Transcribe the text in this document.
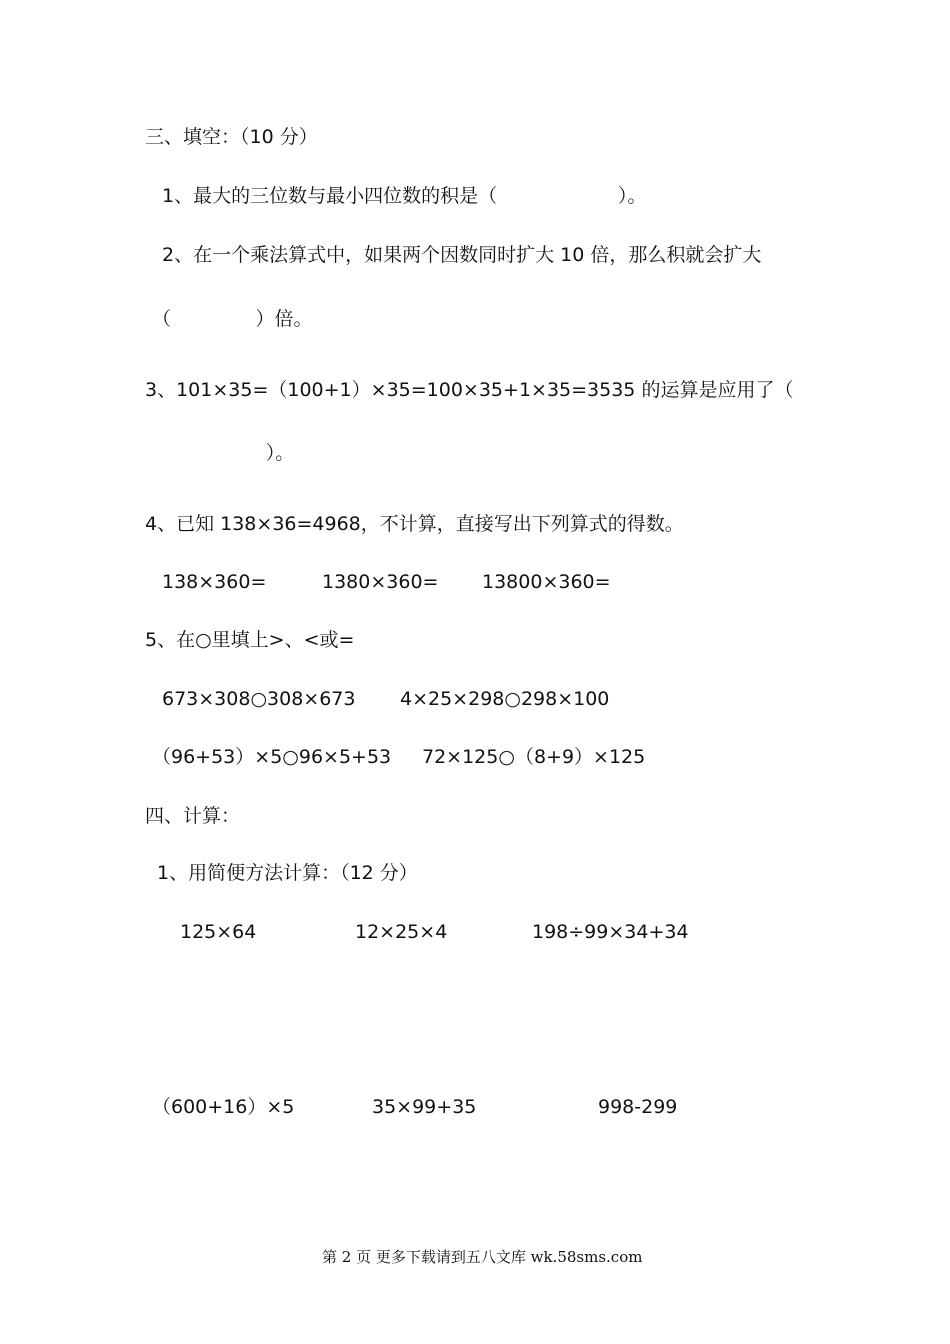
三、填空：（10 分）
1、最大的三位数与最小四位数的积是（                    ）。
2、在一个乘法算式中，如果两个因数同时扩大 10 倍，那么积就会扩大
（              ）倍。
3、101×35=（100+1）×35=100×35+1×35=3535 的运算是应用了（
）。
4、已知 138×36=4968，不计算，直接写出下列算式的得数。
138×360=	1380×360= 13800×360=
5、在○里填上>、<或=
673×308○308×673 4×25×298○298×100
（96+53）×5○96×5+53 72×125○（8+9）×125
四、计算：
1、用简便方法计算：（12 分）
125×64	12×25×4	198÷99×34+34
（600+16）×5	35×99+35	998-299
第 2 页 更多下载请到五八文库 wk.58sms.com
